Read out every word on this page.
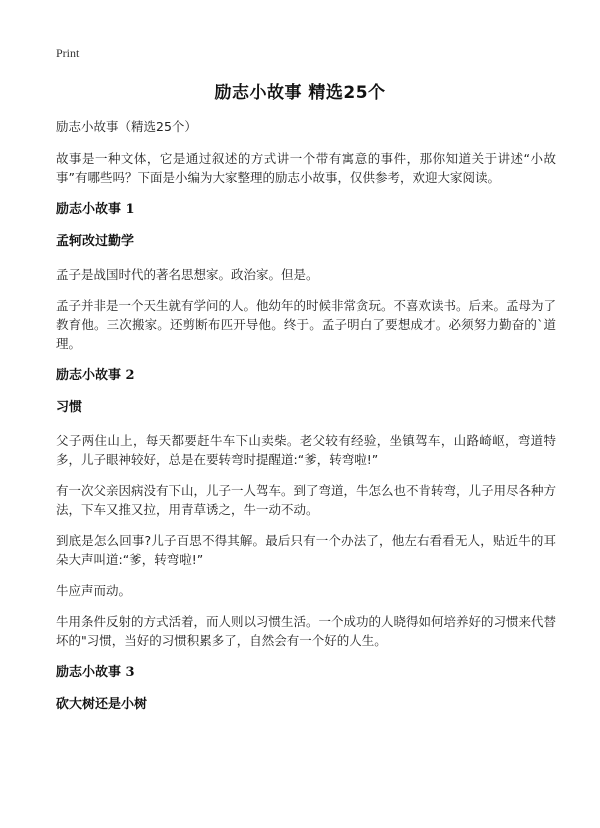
Print
励志小故事 精选25个
励志小故事（精选25个）

故事是一种文体，它是通过叙述的方式讲一个带有寓意的事件，那你知道关于讲述“小故事”有哪些吗？下面是小编为大家整理的励志小故事，仅供参考，欢迎大家阅读。

励志小故事 1
孟轲改过勤学

孟子是战国时代的著名思想家。政治家。但是。

孟子并非是一个天生就有学问的人。他幼年的时候非常贪玩。不喜欢读书。后来。孟母为了教育他。三次搬家。还剪断布匹开导他。终于。孟子明白了要想成才。必须努力勤奋的`道理。

励志小故事 2
习惯

父子两住山上，每天都要赶牛车下山卖柴。老父较有经验，坐镇驾车，山路崎岖，弯道特多，儿子眼神较好，总是在要转弯时提醒道:“爹，转弯啦!”

有一次父亲因病没有下山，儿子一人驾车。到了弯道，牛怎么也不肯转弯，儿子用尽各种方法，下车又推又拉，用青草诱之，牛一动不动。

到底是怎么回事?儿子百思不得其解。最后只有一个办法了，他左右看看无人，贴近牛的耳朵大声叫道:“爹，转弯啦!”

牛应声而动。

牛用条件反射的方式活着，而人则以习惯生活。一个成功的人晓得如何培养好的习惯来代替坏的"习惯，当好的习惯积累多了，自然会有一个好的人生。

励志小故事 3
砍大树还是小树
